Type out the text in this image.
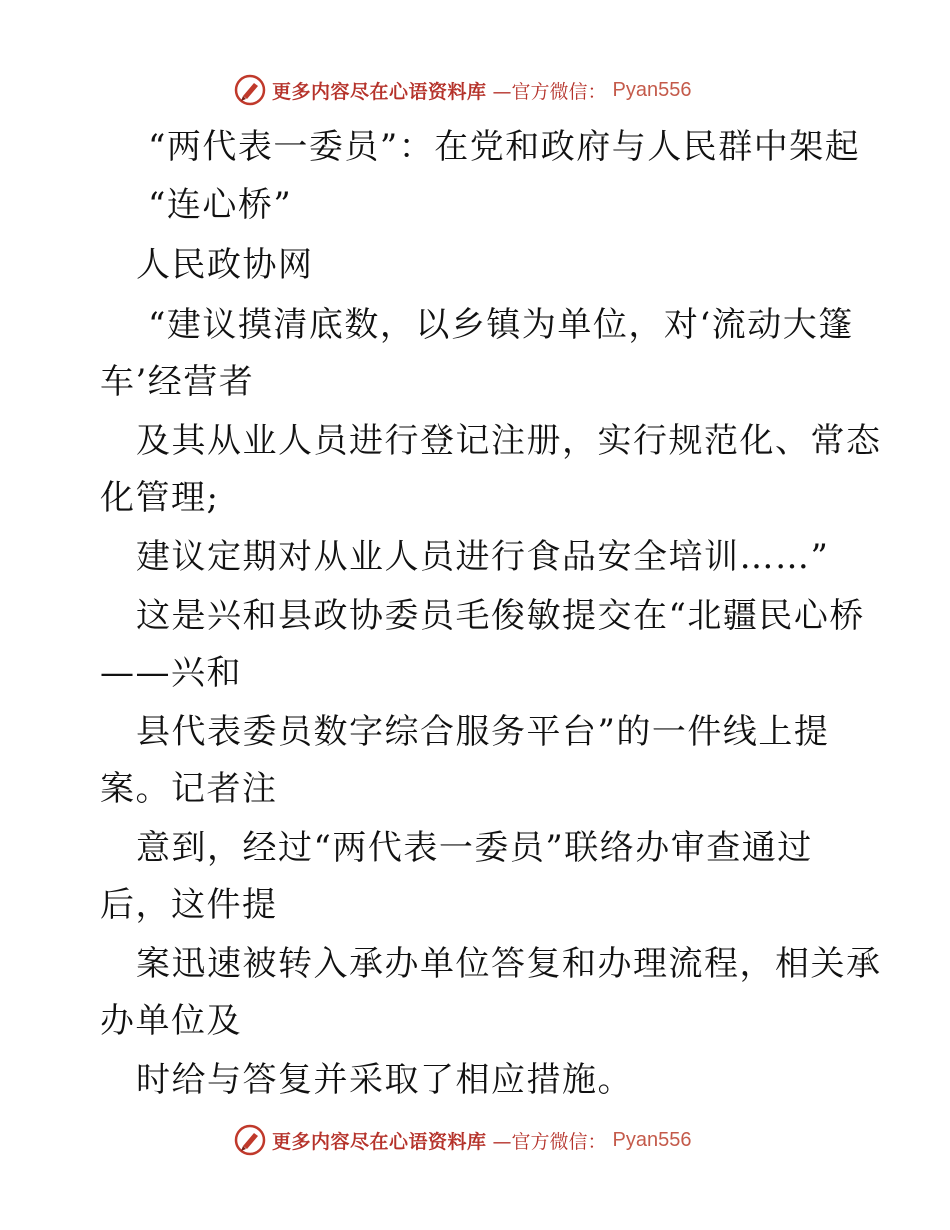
更多内容尽在心语资料库 —官方微信： Pyan556
“两代表一委员”：在党和政府与人民群中架起
“连心桥”
人民政协网
“建议摸清底数，以乡镇为单位，对‘流动大篷
车’经营者
及其从业人员进行登记注册，实行规范化、常态
化管理;
建议定期对从业人员进行食品安全培训……”
这是兴和县政协委员毛俊敏提交在“北疆民心桥
——兴和
县代表委员数字综合服务平台”的一件线上提
案。记者注
意到，经过“两代表一委员”联络办审查通过
后，这件提
案迅速被转入承办单位答复和办理流程，相关承
办单位及
时给与答复并采取了相应措施。
更多内容尽在心语资料库 —官方微信： Pyan556
